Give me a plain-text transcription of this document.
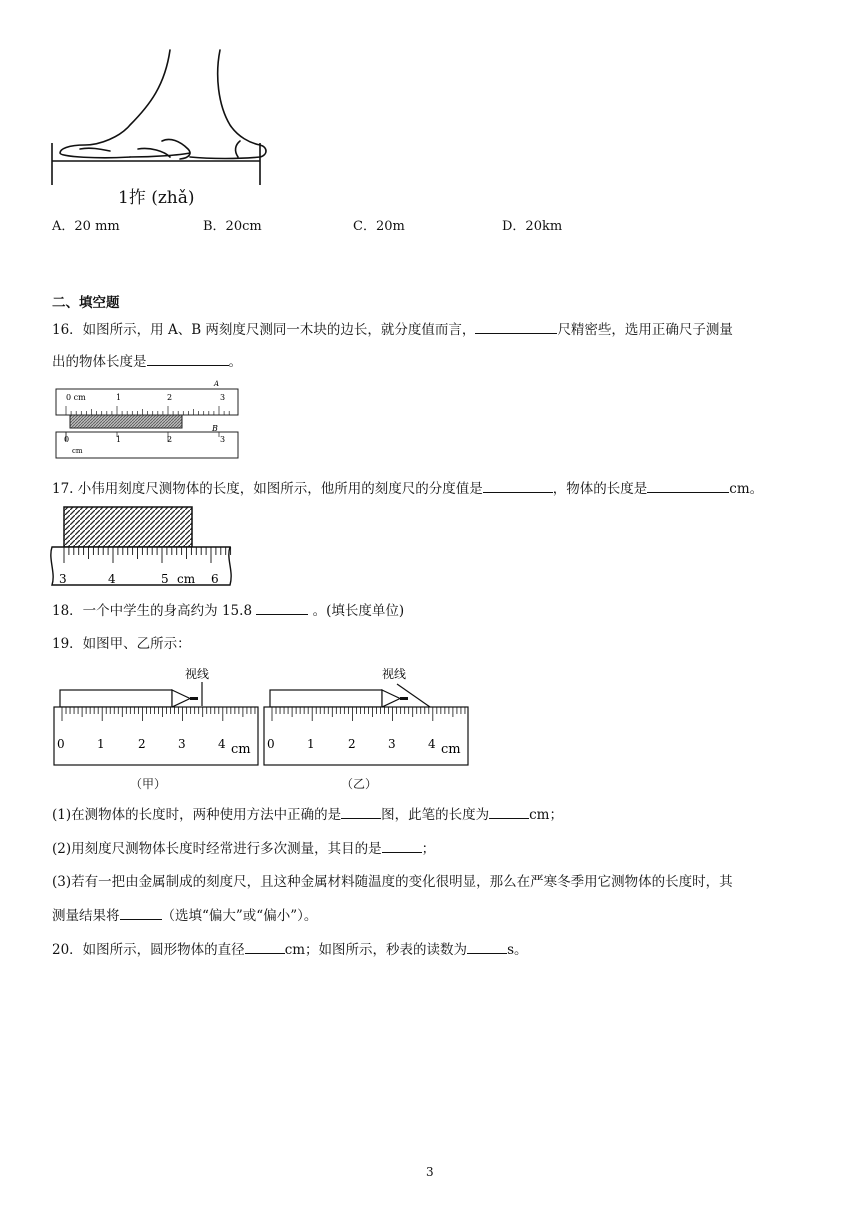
1拃 (zhǎ)
A．20 mm	B．20cm	C．20m	D．20km
二、填空题
16．如图所示，用 A、B 两刻度尺测同一木块的边长，就分度值而言，	尺精密些，选用正确尺子测量
出的物体长度是	。
A
B
0 cm	1	2	3
0	1	2	3
cm
17. 小伟用刻度尺测物体的长度，如图所示，他所用的刻度尺的分度值是	，物体的长度是	cm。
3	4	5 cm 6
18．一个中学生的身高约为 15.8	。(填长度单位)
19．如图甲、乙所示：
视线
0	1	2	3	4 cm
（甲）
视线
0	1	2	3	4 cm
（乙）
(1)在测物体的长度时，两种使用方法中正确的是	图，此笔的长度为	cm；
(2)用刻度尺测物体长度时经常进行多次测量，其目的是	；
(3)若有一把由金属制成的刻度尺，且这种金属材料随温度的变化很明显，那么在严寒冬季用它测物体的长度时，其
测量结果将	（选填“偏大”或“偏小”）。
20．如图所示，圆形物体的直径	cm；如图所示，秒表的读数为	s。
3
